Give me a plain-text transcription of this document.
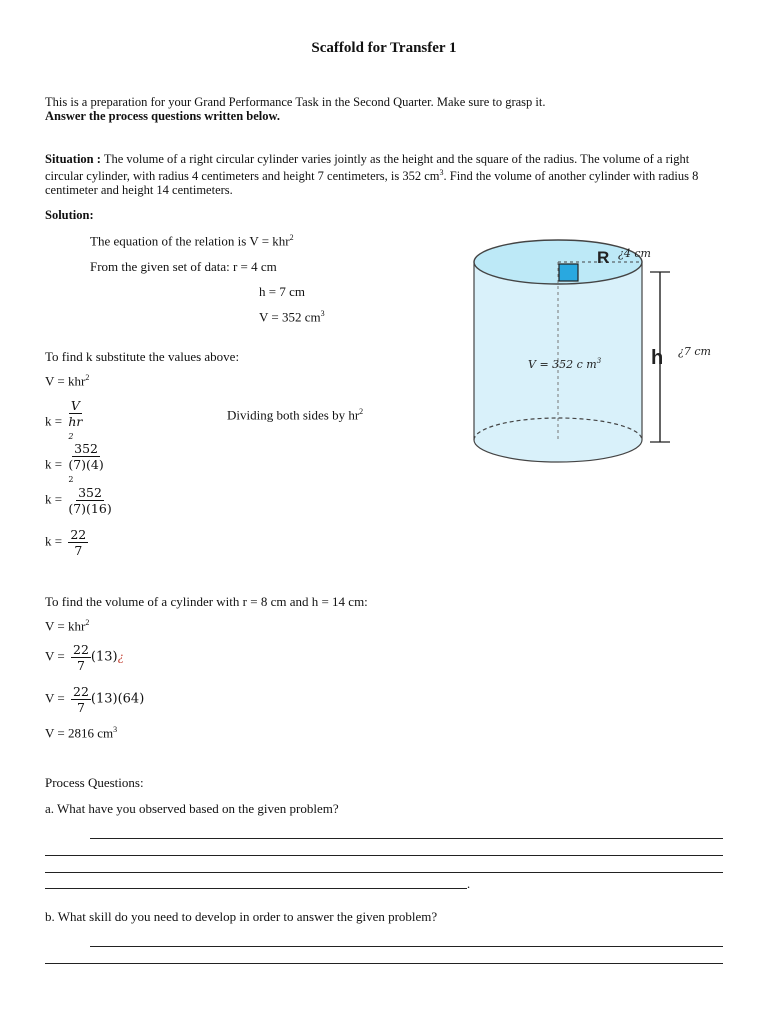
Scaffold for Transfer 1
This is a preparation for your Grand Performance Task in the Second Quarter. Make sure to grasp it.
Answer the process questions written below.
Situation : The volume of a right circular cylinder varies jointly as the height and the square of the radius. The volume of a right circular cylinder, with radius 4 centimeters and height 7 centimeters, is 352 $cm^3$. Find the volume of another cylinder with radius 8 centimeter and height 14 centimeters.
Solution:
The equation of the relation is V = khr$^2$
From the given set of data: r = 4 cm
h = 7 cm
V = 352 $cm^3$
To find k substitute the values above:
V = khr$^2$
k = V
hr
$^2$	Dividing both sides by $hr^2$
k = 352
(7)(4)
$^2$
$k = \frac{352}{(7)(16)}$
$k = \frac{22}{7}$
To find the volume of a cylinder with r = 8 cm and h = 14 cm:
V = khr$^2$
$V = \frac{22}{7}$ (13)¿
$V = \frac{22}{7} (13)(64)$
V = 2816 $cm^3$
R ¿4 cm
h ¿7 cm
V = 352 c $m^3$
Process Questions:
a. What have you observed based on the given problem?
.
b. What skill do you need to develop in order to answer the given problem?
